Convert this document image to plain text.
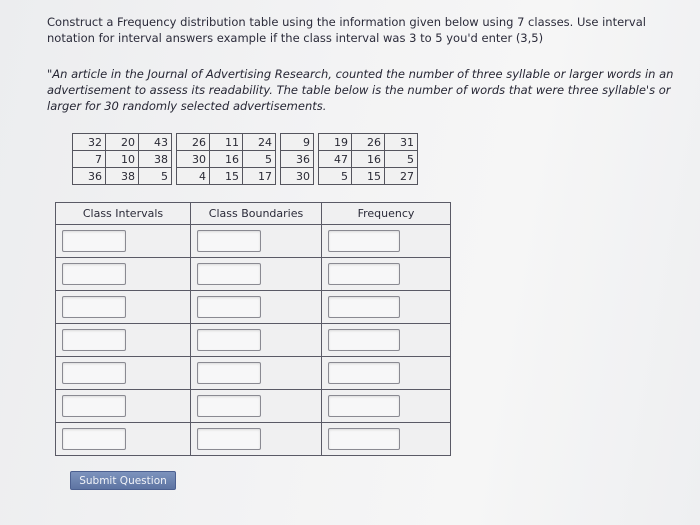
Construct a Frequency distribution table using the information given below using 7 classes. Use interval notation for interval answers example if the class interval was 3 to 5 you'd enter (3,5)
"An article in the Journal of Advertising Research, counted the number of three syllable or larger words in an advertisement to assess its readability. The table below is the number of words that were three syllable's or larger for 30 randomly selected advertisements.
32	20	43		26	11	24		9		19	26	31
7	10	38		30	16	5		36		47	16	5
36	38	5		4	15	17		30		5	15	27
Class Intervals	Class Boundaries	Frequency

Submit Question
